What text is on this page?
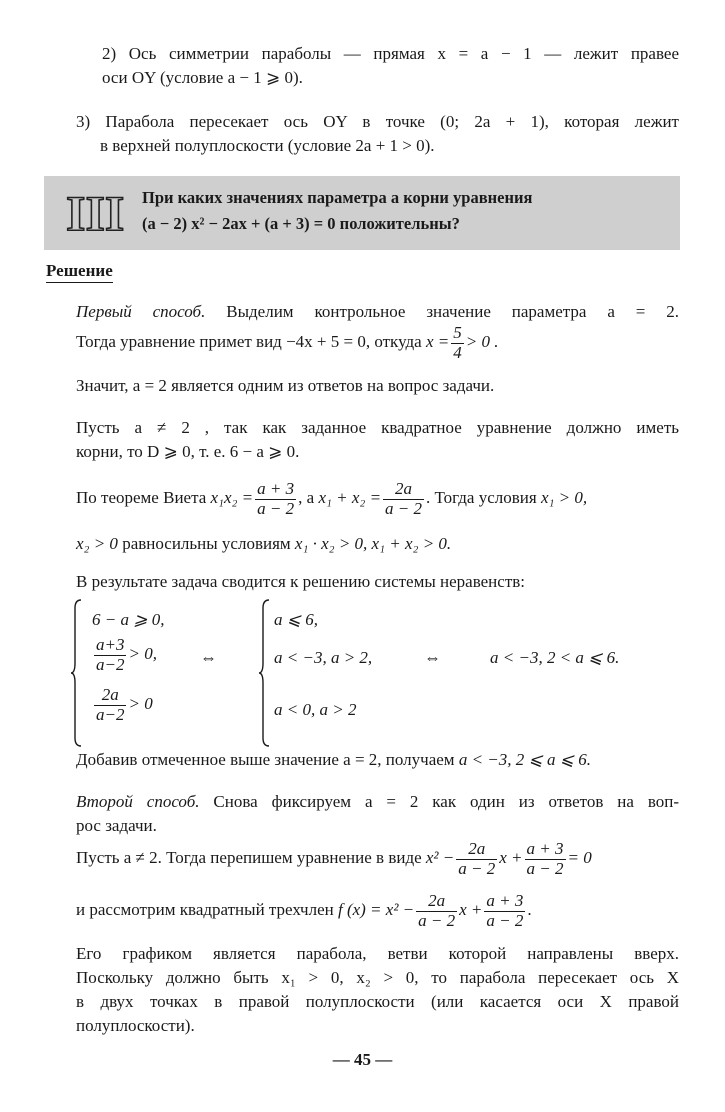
2) Ось симметрии параболы — прямая x = a − 1 — лежит правее
оси OY (условие a − 1 ⩾ 0).
3) Парабола пересекает ось OY в точке (0; 2a + 1), которая лежит
в верхней полуплоскости (условие 2a + 1 > 0).
III При каких значениях параметра a корни уравнения
(a − 2) x² − 2ax + (a + 3) = 0 положительны?
Решение
Первый способ. Выделим контрольное значение параметра a = 2.
Тогда уравнение примет вид −4x + 5 = 0, откуда $x = \frac{5}{4} > 0$ .
Значит, a = 2 является одним из ответов на вопрос задачи.
Пусть a ≠ 2 , так как заданное квадратное уравнение должно иметь
корни, то D ⩾ 0, т. е. 6 − a ⩾ 0.
По теореме Виета $x_1x_2 = \frac{a + 3}{a - 2}$ , а $x_1 + x_2 = \frac{2a}{a - 2}$ . Тогда условия x₁ > 0,
x₂ > 0 равносильны условиям x₁ · x₂ > 0, x₁ + x₂ > 0.
В результате задача сводится к решению системы неравенств:
6 − a ⩾ 0,
$\frac{a+3}{a-2} > 0$,
$\frac{2a}{a-2} > 0$
⇔
a ⩽ 6,
a < −3, a > 2,
a < 0, a > 2
⇔	a < −3, 2 < a ⩽ 6.
Добавив отмеченное выше значение a = 2, получаем a < −3, 2 ⩽ a ⩽ 6.
Второй способ. Снова фиксируем a = 2 как один из ответов на воп-
рос задачи.
Пусть a ≠ 2. Тогда перепишем уравнение в виде $x^2 - \frac{2a}{a - 2}$ $x + \frac{a + 3}{a - 2} = 0$
и рассмотрим квадратный трехчлен f $(x) = x^2 - \frac{2a}{a - 2}$ $x + \frac{a + 3}{a - 2}$ .
Его графиком является парабола, ветви которой направлены вверх.
Поскольку должно быть x₁ > 0, x₂ > 0, то парабола пересекает ось X
в двух точках в правой полуплоскости (или касается оси X правой
полуплоскости).
— 45 —
